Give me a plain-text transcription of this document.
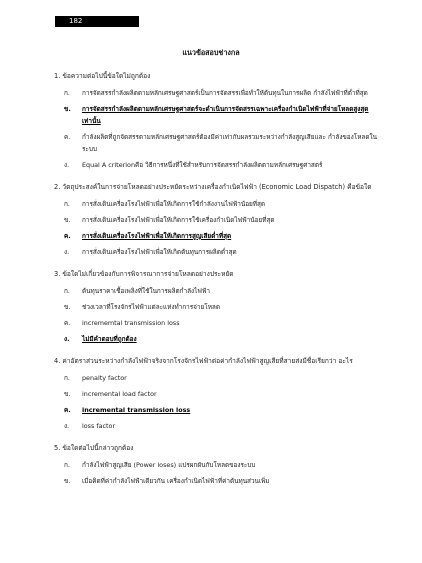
182
แนวข้อสอบช่างกล

1. ข้อความต่อไปนี้ข้อใดไม่ถูกต้อง

ก.	การจัดสรรกำลังผลิตตามหลักเศรษฐศาสตร์เป็นการจัดสรรเพื่อทำให้ต้นทุนในการผลิต กำลังไฟฟ้าที่ต่ำที่สุด
ข.	การจัดสรรกำลังผลิตตามหลักเศรษฐศาสตร์จะดำเนินการจัดสรรเฉพาะเครื่องกำเนิดไฟฟ้าที่จ่ายโหลดสูงสุดเท่านั้น
ค.	กำลังผลิตที่ถูกจัดสรรตามหลักเศรษฐศาสตร์ต้องมีค่าเท่ากับผลรวมระหว่างกำลังสูญเสียและ กำลังของโหลดในระบบ
ง.	Equal A criterionคือ วิธีการหนึ่งที่ใช้สำหรับการจัดสรรกำลังผลิตตามหลักเศรษฐศาสตร์

2. วัตถุประสงค์ในการจ่ายโหลดอย่างประหยัดระหว่างเครื่องกำเนิดไฟฟ้า (Economic Load Dispatch) คือข้อใด

ก.	การสั่งเดินเครื่องโรงไฟฟ้าเพื่อให้เกิดการใช้กำลังงานไฟฟ้าน้อยที่สุด
ข.	การสั่งเดินเครื่องโรงไฟฟ้าเพื่อให้เกิดการใช้เครื่องกำเนิดไฟฟ้าน้อยที่สุด
ค.	การสั่งเดินเครื่องโรงไฟฟ้าเพื่อให้เกิดการสูญเสียต่ำที่สุด
ง.	การสั่งเดินเครื่องโรงไฟฟ้าเพื่อให้เกิดต้นทุนการผลิตต่ำสุด

3. ข้อใดไม่เกี่ยวข้องกับการพิจารณาการจ่ายโหลดอย่างประหยัด

ก.	ต้นทุนราคาเชื้อเพลิงที่ใช้ในการผลิตกำลังไฟฟ้า
ข.	ช่วงเวลาที่โรงจักรไฟฟ้าแต่ละแห่งทำการจ่ายโหลด
ค.	incrememtal transmission loss
ง.	ไม่มีคำตอบที่ถูกต้อง

4. ค่าอัตราส่วนระหว่างกำลังไฟฟ้าจริงจากโรงจักรไฟฟ้าต่อค่ากำลังไฟฟ้าสูญเสียที่สายส่งมีชื่อเรียกว่า อะไร

ก.	penalty factor
ข.	incremental load factor
ค.	incremental transmission loss
ง.	loss factor

5. ข้อใดต่อไปนี้กล่าวถูกต้อง

ก.	กำลังไฟฟ้าสูญเสีย (Power loses) แปรผกผันกับโหลดของระบบ
ข.	เมื่อคิดที่ค่ากำลังไฟฟ้าเดียวกัน เครื่องกำเนิดไฟฟ้าที่ค่าต้นทุนส่วนเพิ่ม
